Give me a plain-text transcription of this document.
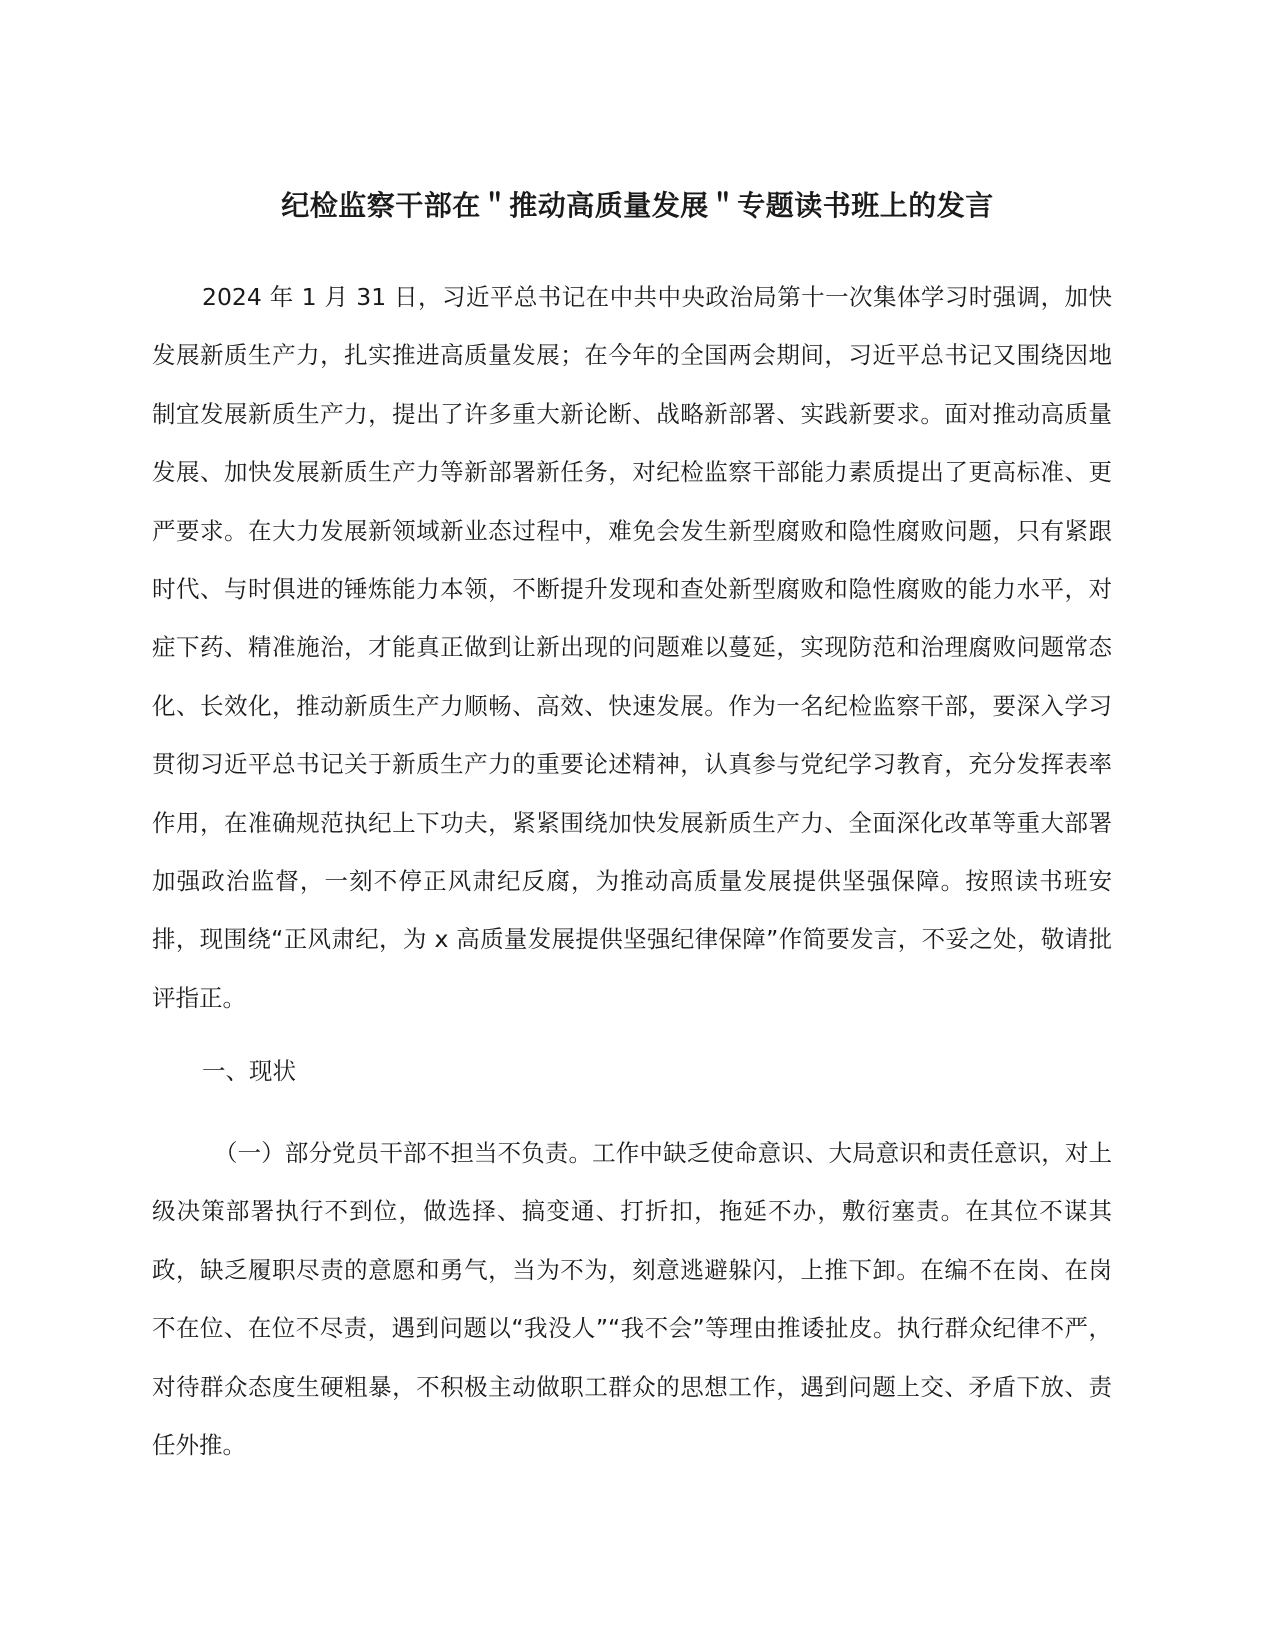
纪检监察干部在＂推动高质量发展＂专题读书班上的发言

2024 年 1 月 31 日，习近平总书记在中共中央政治局第十一次集体学习时强调，加快发展新质生产力，扎实推进高质量发展；在今年的全国两会期间，习近平总书记又围绕因地制宜发展新质生产力，提出了许多重大新论断、战略新部署、实践新要求。面对推动高质量发展、加快发展新质生产力等新部署新任务，对纪检监察干部能力素质提出了更高标准、更严要求。在大力发展新领域新业态过程中，难免会发生新型腐败和隐性腐败问题，只有紧跟时代、与时俱进的锤炼能力本领，不断提升发现和查处新型腐败和隐性腐败的能力水平，对症下药、精准施治，才能真正做到让新出现的问题难以蔓延，实现防范和治理腐败问题常态化、长效化，推动新质生产力顺畅、高效、快速发展。作为一名纪检监察干部，要深入学习贯彻习近平总书记关于新质生产力的重要论述精神，认真参与党纪学习教育，充分发挥表率作用，在准确规范执纪上下功夫，紧紧围绕加快发展新质生产力、全面深化改革等重大部署加强政治监督，一刻不停正风肃纪反腐，为推动高质量发展提供坚强保障。按照读书班安排，现围绕“正风肃纪，为 x 高质量发展提供坚强纪律保障”作简要发言，不妥之处，敬请批评指正。

一、现状

（一）部分党员干部不担当不负责。工作中缺乏使命意识、大局意识和责任意识，对上级决策部署执行不到位，做选择、搞变通、打折扣，拖延不办，敷衍塞责。在其位不谋其政，缺乏履职尽责的意愿和勇气，当为不为，刻意逃避躲闪，上推下卸。在编不在岗、在岗不在位、在位不尽责，遇到问题以“我没人”“我不会”等理由推诿扯皮。执行群众纪律不严，对待群众态度生硬粗暴，不积极主动做职工群众的思想工作，遇到问题上交、矛盾下放、责任外推。
